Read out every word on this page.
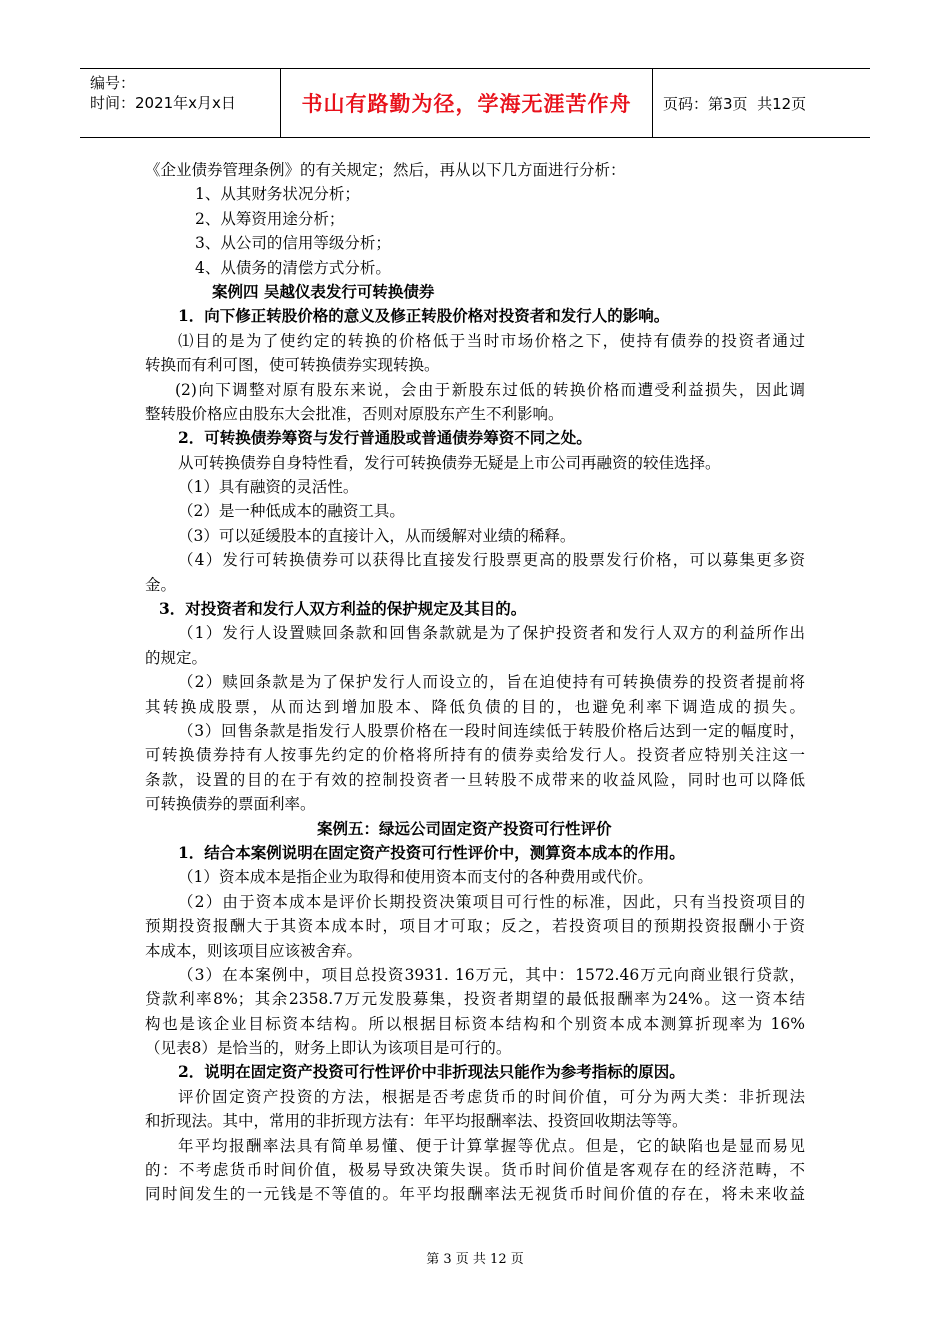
编号：
时间：2021年x月x日	书山有路勤为径，学海无涯苦作舟 页码：第3页  共12页
《企业债券管理条例》的有关规定；然后，再从以下几方面进行分析：
1、从其财务状况分析；
2、从筹资用途分析；
3、从公司的信用等级分析；
4、从债务的清偿方式分析。
案例四 吴越仪表发行可转换债券
1．向下修正转股价格的意义及修正转股价格对投资者和发行人的影响。
⑴目的是为了使约定的转换的价格低于当时市场价格之下，使持有债券的投资者通过
转换而有利可图，使可转换债券实现转换。
(2)向下调整对原有股东来说，会由于新股东过低的转换价格而遭受利益损失，因此调
整转股价格应由股东大会批准，否则对原股东产生不利影响。
2．可转换债券筹资与发行普通股或普通债券筹资不同之处。
从可转换债券自身特性看，发行可转换债券无疑是上市公司再融资的较佳选择。
（1）具有融资的灵活性。
（2）是一种低成本的融资工具。
（3）可以延缓股本的直接计入，从而缓解对业绩的稀释。
（4）发行可转换债券可以获得比直接发行股票更高的股票发行价格，可以募集更多资
金。
3．对投资者和发行人双方利益的保护规定及其目的。
（1）发行人设置赎回条款和回售条款就是为了保护投资者和发行人双方的利益所作出
的规定。
（2）赎回条款是为了保护发行人而设立的，旨在迫使持有可转换债券的投资者提前将
其转换成股票，从而达到增加股本、降低负债的目的，也避免利率下调造成的损失。
（3）回售条款是指发行人股票价格在一段时间连续低于转股价格后达到一定的幅度时，
可转换债券持有人按事先约定的价格将所持有的债券卖给发行人。投资者应特别关注这一
条款，设置的目的在于有效的控制投资者一旦转股不成带来的收益风险，同时也可以降低
可转换债券的票面利率。
案例五：绿远公司固定资产投资可行性评价
1．结合本案例说明在固定资产投资可行性评价中，测算资本成本的作用。
（1）资本成本是指企业为取得和使用资本而支付的各种费用或代价。
（2）由于资本成本是评价长期投资决策项目可行性的标准，因此，只有当投资项目的
预期投资报酬大于其资本成本时，项目才可取；反之，若投资项目的预期投资报酬小于资
本成本，则该项目应该被舍弃。
（3）在本案例中，项目总投资3931. 16万元，其中：1572.46万元向商业银行贷款，
贷款利率8%；其余2358.7万元发股募集，投资者期望的最低报酬率为24%。这一资本结
构也是该企业目标资本结构。所以根据目标资本结构和个别资本成本测算折现率为 16%
（见表8）是恰当的，财务上即认为该项目是可行的。
2．说明在固定资产投资可行性评价中非折现法只能作为参考指标的原因。
评价固定资产投资的方法，根据是否考虑货币的时间价值，可分为两大类：非折现法
和折现法。其中，常用的非折现方法有：年平均报酬率法、投资回收期法等等。
年平均报酬率法具有简单易懂、便于计算掌握等优点。但是，它的缺陷也是显而易见
的：不考虑货币时间价值，极易导致决策失误。货币时间价值是客观存在的经济范畴，不
同时间发生的一元钱是不等值的。年平均报酬率法无视货币时间价值的存在，将未来收益
第 3 页 共 12 页
